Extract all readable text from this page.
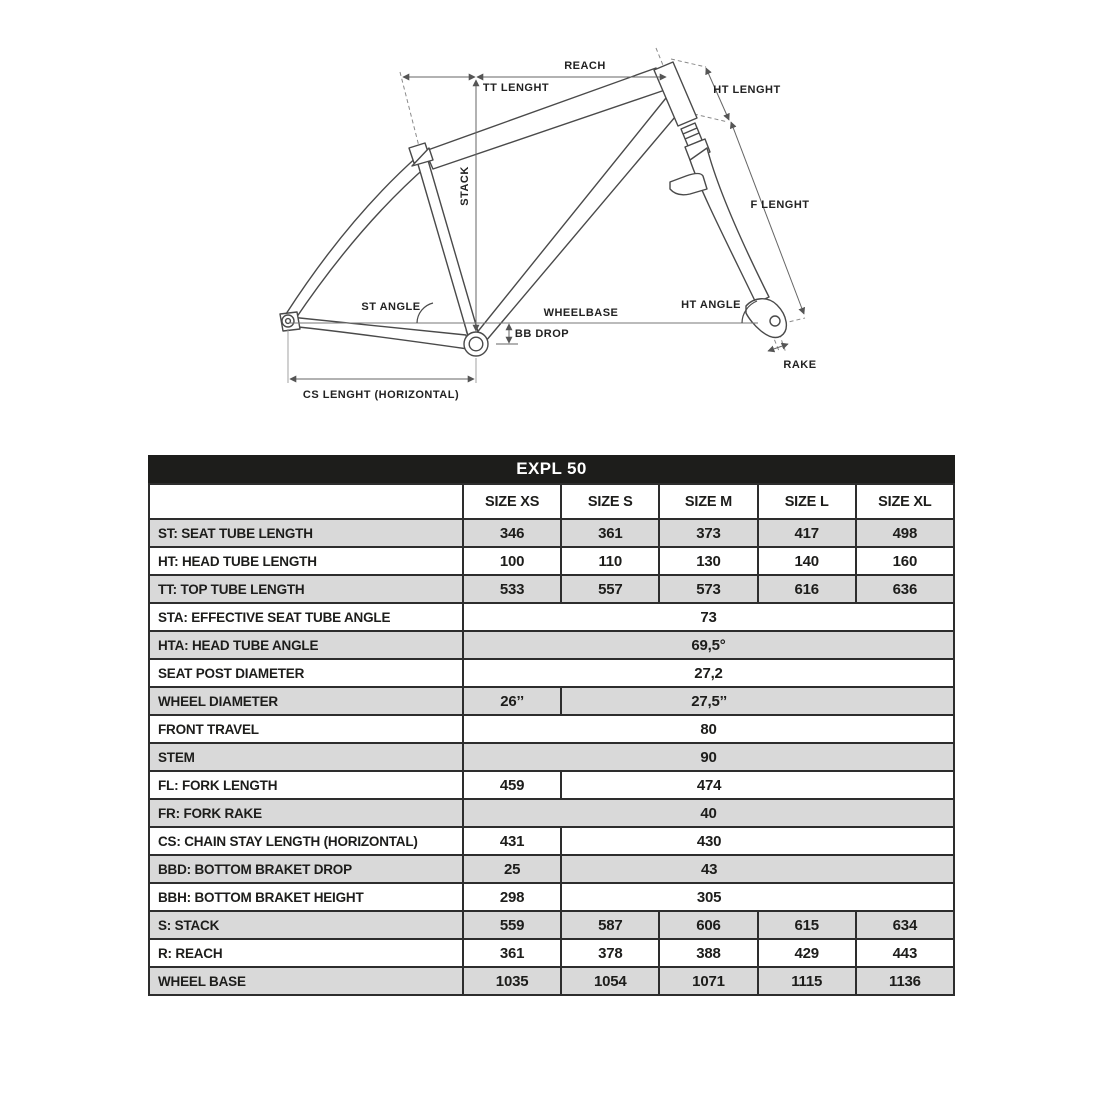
REACH
TT LENGHT	HT LENGHT
STACK	F LENGHT
ST ANGLE	WHEELBASE
BB DROP
HT ANGLE
RAKE
CS LENGHT (HORIZONTAL)
EXPL 50
	SIZE XS	SIZE S	SIZE M	SIZE L	SIZE XL
ST: SEAT TUBE LENGTH	346	361	373	417	498
HT: HEAD TUBE LENGTH	100	110	130	140	160
TT: TOP TUBE LENGTH	533	557	573	616	636
STA: EFFECTIVE SEAT TUBE ANGLE	73				
HTA: HEAD TUBE ANGLE	69,5°				
SEAT POST DIAMETER	27,2				
WHEEL DIAMETER	26’’	27,5’’			
FRONT TRAVEL	80				
STEM	90				
FL: FORK LENGTH	459	474			
FR: FORK RAKE	40				
CS: CHAIN STAY LENGTH (HORIZONTAL)	431	430			
BBD: BOTTOM BRAKET DROP	25	43			
BBH: BOTTOM BRAKET HEIGHT	298	305			
S: STACK	559	587	606	615	634
R: REACH	361	378	388	429	443
WHEEL BASE	1035	1054	1071	1115	1136
